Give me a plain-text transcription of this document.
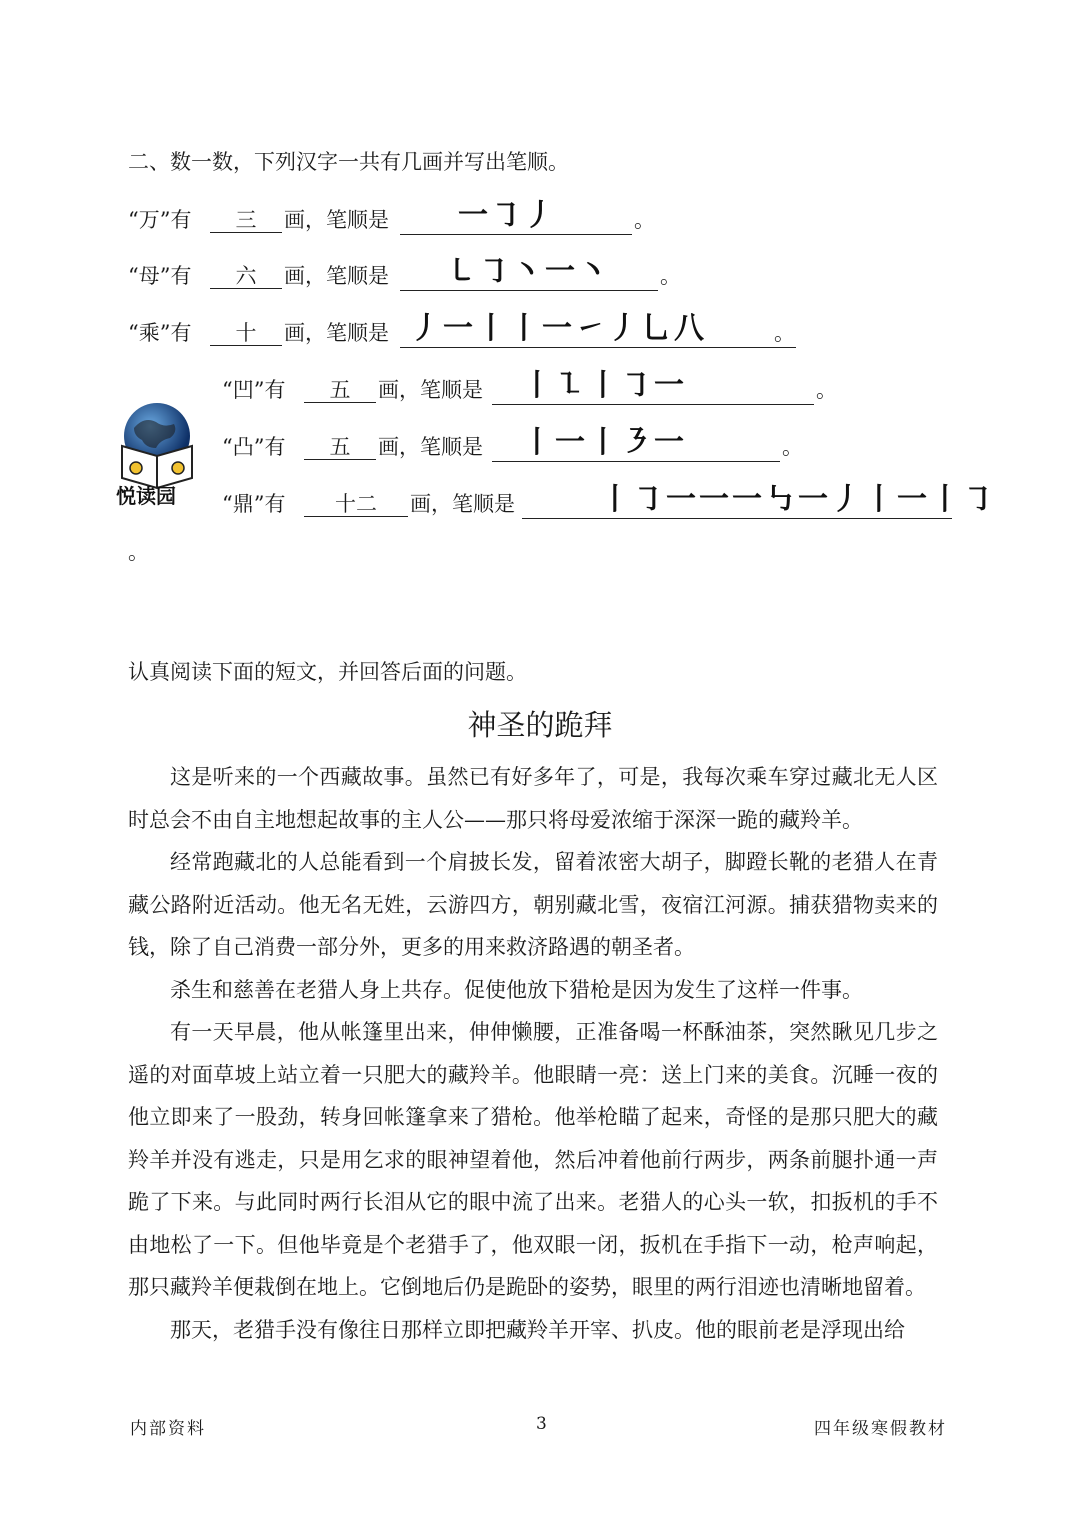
二、数一数，下列汉字一共有几画并写出笔顺。
“万”有	三	画，笔顺是 一㇆丿	。
“母”有	六	画，笔顺是 ㇄㇆丶一丶 。
“乘”有	十	画，笔顺是 丿一丨丨一㇀丿乚八	。
悦读园
“凹”有	五	画，笔顺是 丨㇅丨㇆一	。
“凸”有	五	画，笔顺是 丨一丨㇋一	。
“鼎”有	十二	画，笔顺是	丨㇆一一一㇉一丿丨一丨㇆
。
认真阅读下面的短文，并回答后面的问题。
神圣的跪拜

这是听来的一个西藏故事。虽然已有好多年了，可是，我每次乘车穿过藏北无人区时总会不由自主地想起故事的主人公——那只将母爱浓缩于深深一跪的藏羚羊。

经常跑藏北的人总能看到一个肩披长发，留着浓密大胡子，脚蹬长靴的老猎人在青藏公路附近活动。他无名无姓，云游四方，朝别藏北雪，夜宿江河源。捕获猎物卖来的钱，除了自己消费一部分外，更多的用来救济路遇的朝圣者。

杀生和慈善在老猎人身上共存。促使他放下猎枪是因为发生了这样一件事。

有一天早晨，他从帐篷里出来，伸伸懒腰，正准备喝一杯酥油茶，突然瞅见几步之遥的对面草坡上站立着一只肥大的藏羚羊。他眼睛一亮：送上门来的美食。沉睡一夜的他立即来了一股劲，转身回帐篷拿来了猎枪。他举枪瞄了起来，奇怪的是那只肥大的藏羚羊并没有逃走，只是用乞求的眼神望着他，然后冲着他前行两步，两条前腿扑通一声跪了下来。与此同时两行长泪从它的眼中流了出来。老猎人的心头一软，扣扳机的手不由地松了一下。但他毕竟是个老猎手了，他双眼一闭，扳机在手指下一动，枪声响起，那只藏羚羊便栽倒在地上。它倒地后仍是跪卧的姿势，眼里的两行泪迹也清晰地留着。

那天，老猎手没有像往日那样立即把藏羚羊开宰、扒皮。他的眼前老是浮现出给

内部资料	3	四年级寒假教材
